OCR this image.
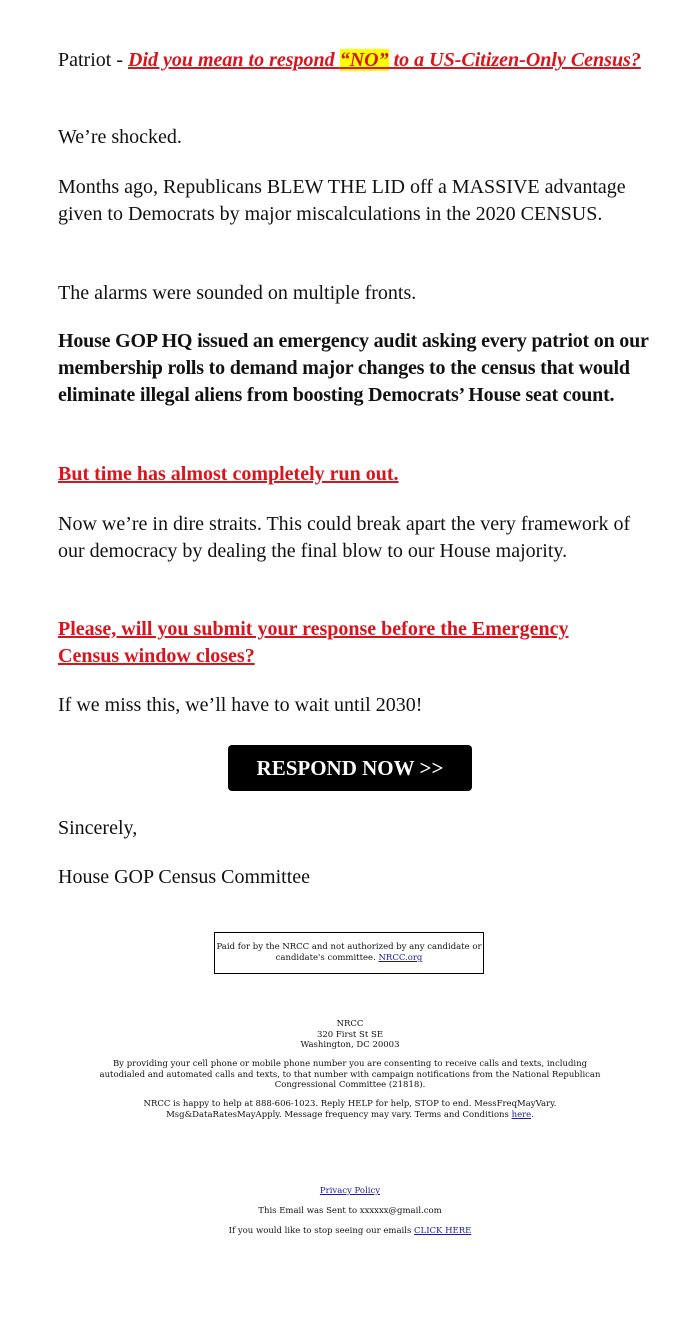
Patriot - Did you mean to respond “NO” to a US-Citizen-Only Census?

We’re shocked.

Months ago, Republicans BLEW THE LID off a MASSIVE advantage given to Democrats by major miscalculations in the 2020 CENSUS.

The alarms were sounded on multiple fronts.

House GOP HQ issued an emergency audit asking every patriot on our membership rolls to demand major changes to the census that would eliminate illegal aliens from boosting Democrats’ House seat count.

But time has almost completely run out.

Now we’re in dire straits. This could break apart the very framework of our democracy by dealing the final blow to our House majority.

Please, will you submit your response before the Emergency Census window closes?

If we miss this, we’ll have to wait until 2030!

Sincerely,

House GOP Census Committee

RESPOND NOW >>
Paid for by the NRCC and not authorized by any candidate or candidate's committee. NRCC.org

NRCC

320 First St SE

Washington, DC 20003

By providing your cell phone or mobile phone number you are consenting to receive calls and texts, including autodialed and automated calls and texts, to that number with campaign notifications from the National Republican Congressional Committee (21818).

NRCC is happy to help at 888-606-1023. Reply HELP for help, STOP to end. MessFreqMayVary. Msg&DataRatesMayApply. Message frequency may vary. Terms and Conditions here.

Privacy Policy
This Email was Sent to xxxxxx@gmail.com
If you would like to stop seeing our emails CLICK HERE
